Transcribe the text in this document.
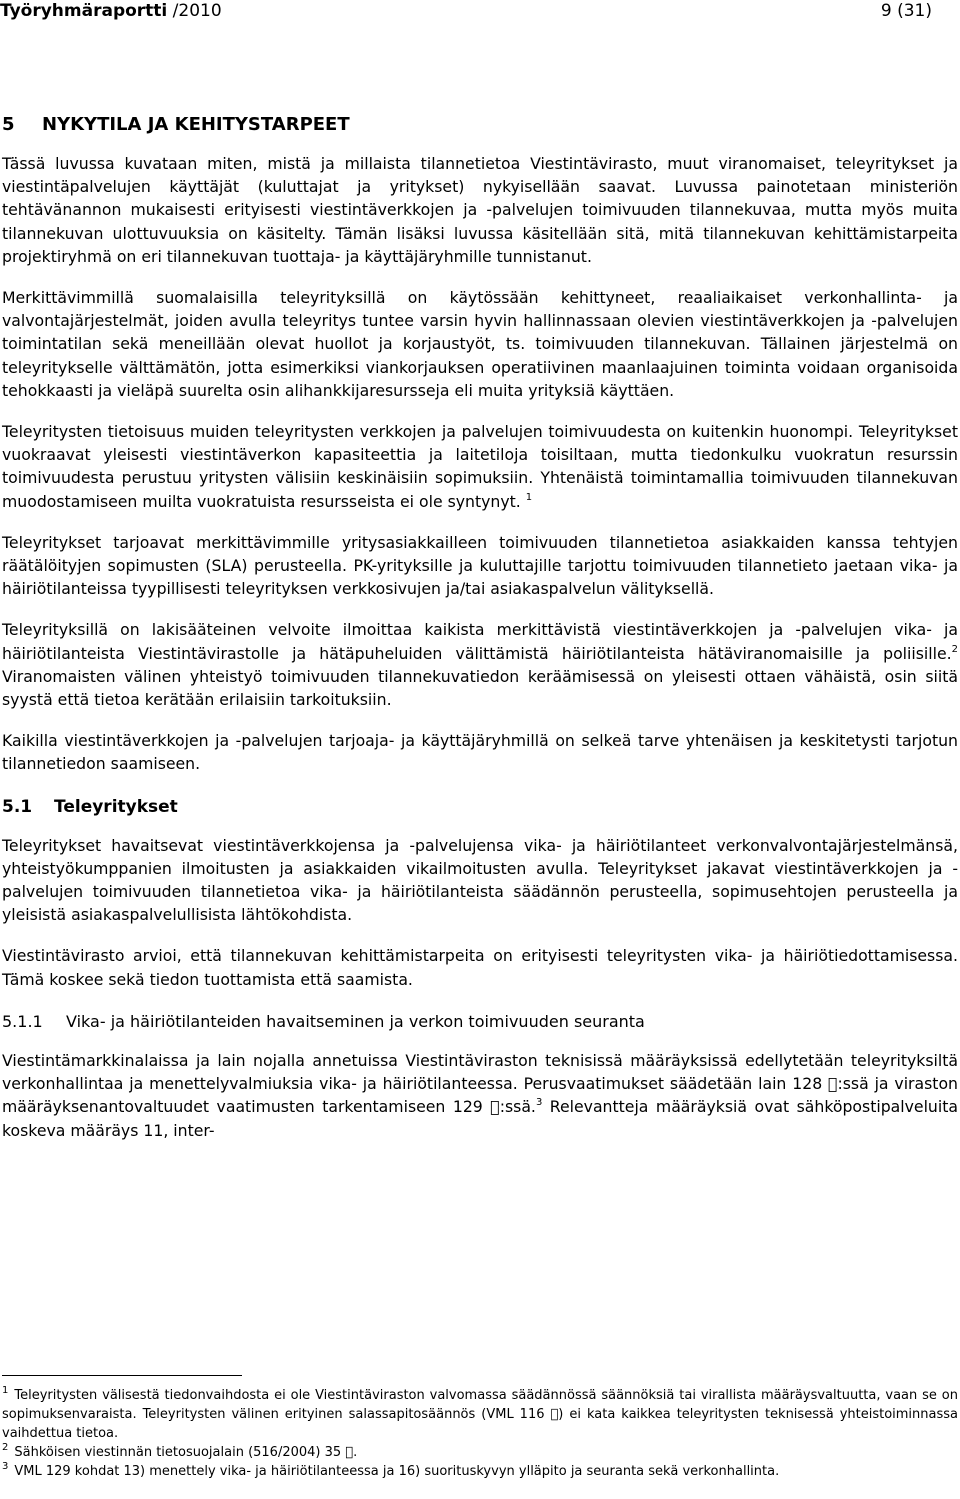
Työryhmäraportti /2010	9 (31)
5 NYKYTILA JA KEHITYSTARPEET

Tässä luvussa kuvataan miten, mistä ja millaista tilannetietoa Viestintävirasto, muut viranomaiset, teleyritykset ja viestintäpalvelujen käyttäjät (kuluttajat ja yritykset) nykyisellään saavat. Luvussa painotetaan ministeriön tehtävänannon mukaisesti erityisesti viestintäverkkojen ja -palvelujen toimivuuden tilannekuvaa, mutta myös muita tilannekuvan ulottuvuuksia on käsitelty. Tämän lisäksi luvussa käsitellään sitä, mitä tilannekuvan kehittämistarpeita projektiryhmä on eri tilannekuvan tuottaja- ja käyttäjäryhmille tunnistanut.

Merkittävimmillä suomalaisilla teleyrityksillä on käytössään kehittyneet, reaaliaikaiset verkonhallinta- ja valvontajärjestelmät, joiden avulla teleyritys tuntee varsin hyvin hallinnassaan olevien viestintäverkkojen ja -palvelujen toimintatilan sekä meneillään olevat huollot ja korjaustyöt, ts. toimivuuden tilannekuvan. Tällainen järjestelmä on teleyritykselle välttämätön, jotta esimerkiksi viankorjauksen operatiivinen maanlaajuinen toiminta voidaan organisoida tehokkaasti ja vieläpä suurelta osin alihankkijaresursseja eli muita yrityksiä käyttäen.

Teleyritysten tietoisuus muiden teleyritysten verkkojen ja palvelujen toimivuudesta on kuitenkin huonompi. Teleyritykset vuokraavat yleisesti viestintäverkon kapasiteettia ja laitetiloja toisiltaan, mutta tiedonkulku vuokratun resurssin toimivuudesta perustuu yritysten välisiin keskinäisiin sopimuksiin. Yhtenäistä toimintamallia toimivuuden tilannekuvan muodostamiseen muilta vuokratuista resursseista ei ole syntynyt. $^1$

Teleyritykset tarjoavat merkittävimmille yritysasiakkailleen toimivuuden tilannetietoa asiakkaiden kanssa tehtyjen räätälöityjen sopimusten (SLA) perusteella. PK-yrityksille ja kuluttajille tarjottu toimivuuden tilannetieto jaetaan vika- ja häiriötilanteissa tyypillisesti teleyrityksen verkkosivujen ja/tai asiakaspalvelun välityksellä.

Teleyrityksillä on lakisääteinen velvoite ilmoittaa kaikista merkittävistä viestintäverkkojen ja -palvelujen vika- ja häiriötilanteista Viestintävirastolle ja hätäpuheluiden välittämistä häiriötilanteista hätäviranomaisille ja poliisille.$^2$ Viranomaisten välinen yhteistyö toimivuuden tilannekuvatiedon keräämisessä on yleisesti ottaen vähäistä, osin siitä syystä että tietoa kerätään erilaisiin tarkoituksiin.

Kaikilla viestintäverkkojen ja -palvelujen tarjoaja- ja käyttäjäryhmillä on selkeä tarve yhtenäisen ja keskitetysti tarjotun tilannetiedon saamiseen.

5.1 Teleyritykset

Teleyritykset havaitsevat viestintäverkkojensa ja -palvelujensa vika- ja häiriötilanteet verkonvalvontajärjestelmänsä, yhteistyökumppanien ilmoitusten ja asiakkaiden vikailmoitusten avulla. Teleyritykset jakavat viestintäverkkojen ja -palvelujen toimivuuden tilannetietoa vika- ja häiriötilanteista säädännön perusteella, sopimusehtojen perusteella ja yleisistä asiakaspalvelullisista lähtökohdista.

Viestintävirasto arvioi, että tilannekuvan kehittämistarpeita on erityisesti teleyritysten vika- ja häiriötiedottamisessa. Tämä koskee sekä tiedon tuottamista että saamista.

5.1.1 Vika- ja häiriötilanteiden havaitseminen ja verkon toimivuuden seuranta

Viestintämarkkinalaissa ja lain nojalla annetuissa Viestintäviraston teknisissä määräyksissä edellytetään teleyrityksiltä verkonhallintaa ja menettelyvalmiuksia vika- ja häiriötilanteessa. Perusvaatimukset säädetään lain 128 :ssä ja viraston määräyksenantovaltuudet vaatimusten tarkentamiseen 129 :ssä.$^3$ Relevantteja määräyksiä ovat sähköpostipalveluita koskeva määräys 11, inter-

$^1$ Teleyritysten välisestä tiedonvaihdosta ei ole Viestintäviraston valvomassa säädännössä säännöksiä tai virallista määräysvaltuutta, vaan se on sopimuksenvaraista. Teleyritysten välinen erityinen salassapitosäännös (VML 116 ) ei kata kaikkea teleyritysten teknisessä yhteistoiminnassa vaihdettua tietoa.

$^2$ Sähköisen viestinnän tietosuojalain (516/2004) 35 .

$^3$ VML 129 kohdat 13) menettely vika- ja häiriötilanteessa ja 16) suorituskyvyn ylläpito ja seuranta sekä verkonhallinta.
